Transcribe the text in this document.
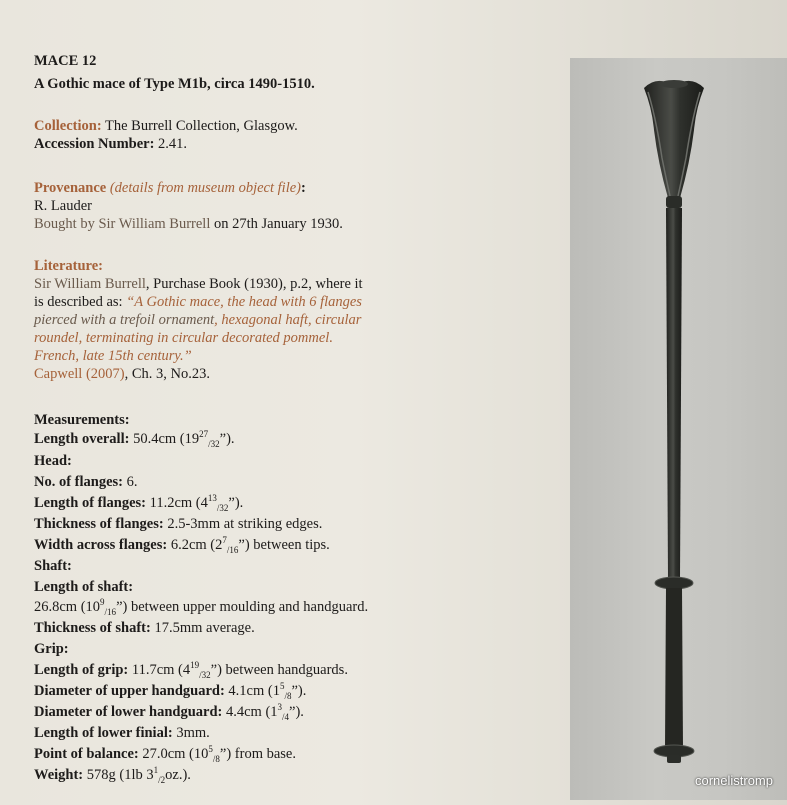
MACE 12
A Gothic mace of Type M1b, circa 1490-1510.
Collection: The Burrell Collection, Glasgow.
Accession Number: 2.41.
Provenance (details from museum object file):
R. Lauder
Bought by Sir William Burrell on 27th January 1930.
Literature:
Sir William Burrell, Purchase Book (1930), p.2, where it
is described as: “A Gothic mace, the head with 6 flanges
pierced with a trefoil ornament, hexagonal haft, circular
roundel, terminating in circular decorated pommel.
French, late 15th century.”
Capwell (2007), Ch. 3, No.23.
Measurements:
Length overall: 50.4cm $(19^{27}_{/32}”)$.
Head:
No. of flanges: 6.
Length of flanges: 11.2cm $(4^{13}_{/32}”)$.
Thickness of flanges: 2.5-3mm at striking edges.
Width across flanges: 6.2cm $(2^7_{/16}”)$ between tips.
Shaft:
Length of shaft:
26.8cm $(10^9_{/16}”)$ between upper moulding and handguard.
Thickness of shaft: 17.5mm average.
Grip:
Length of grip: 11.7cm $(4^{19}_{/32}”)$ between handguards.
Diameter of upper handguard: 4.1cm $(1^5_{/8}”)$.
Diameter of lower handguard: 4.4cm $(1^3_{/4}”)$.
Length of lower finial: 3mm.
Point of balance: 27.0cm $(10^5_{/8}”)$ from base.
Weight: 578g (1lb $3^1_{/2}oz$.).	cornelistromp
